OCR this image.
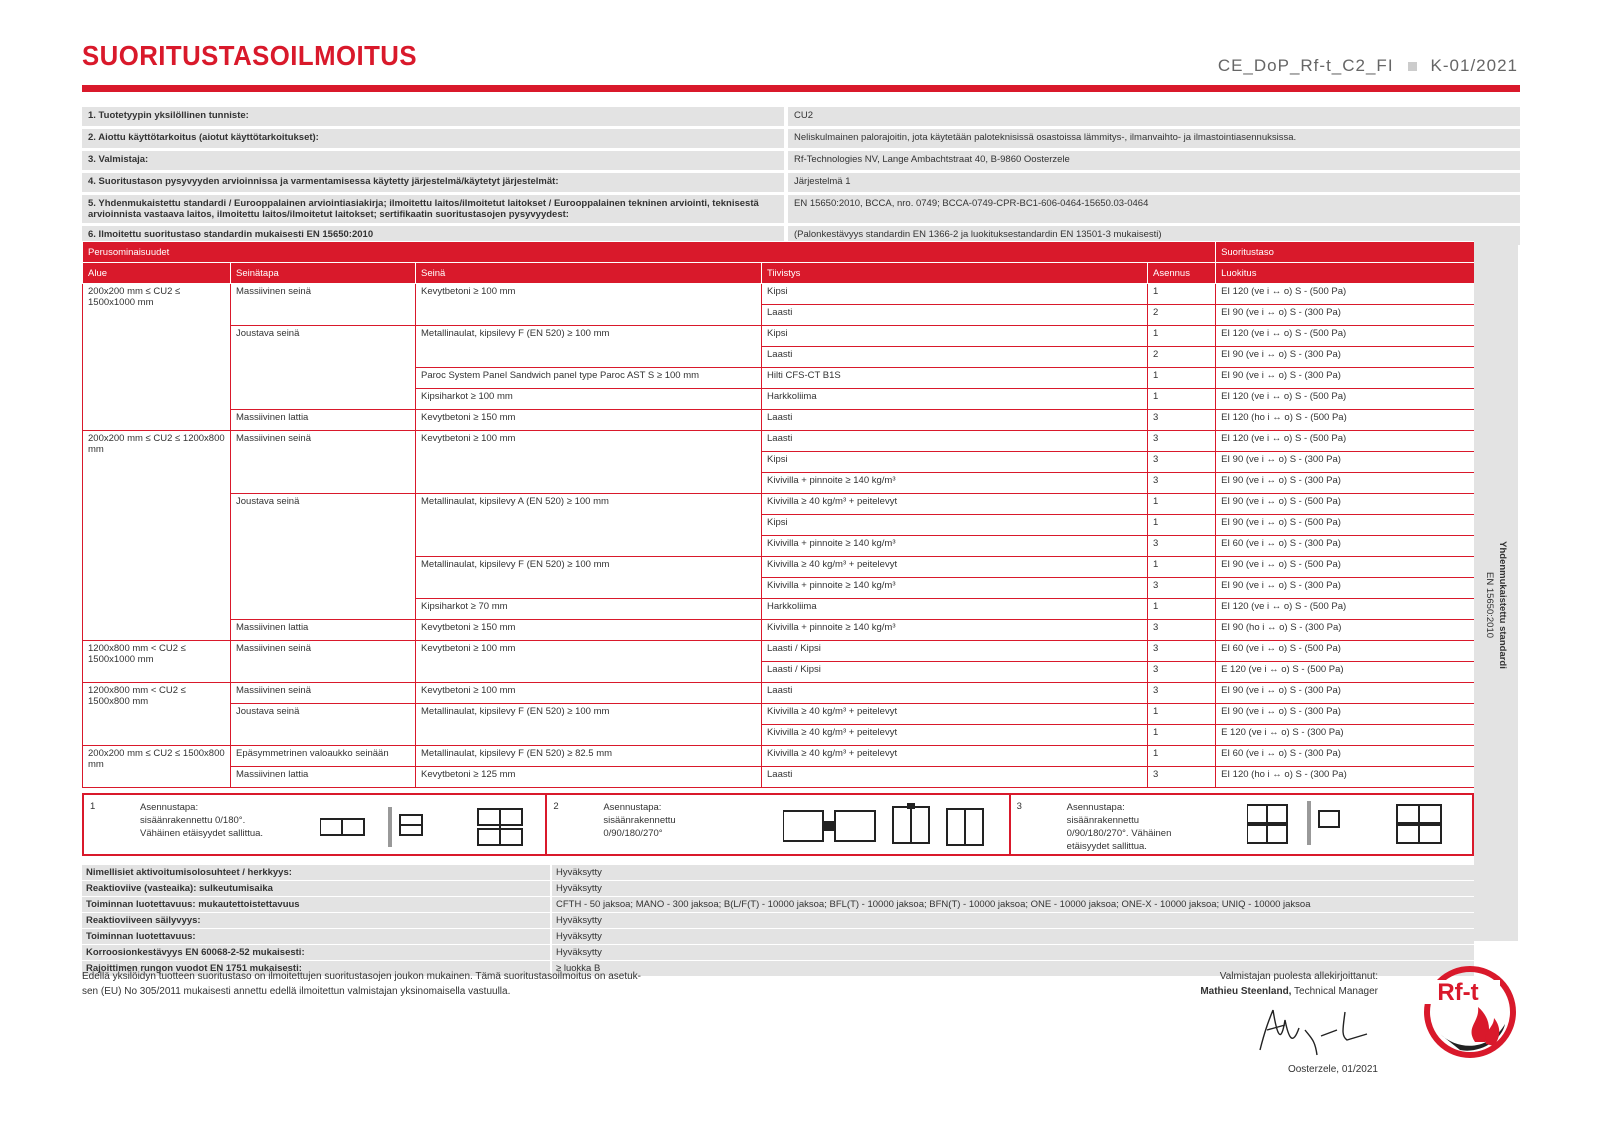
SUORITUSTASOILMOITUS	CE_DoP_Rf-t_C2_FI K-01/2021
1. Tuotetyypin yksilöllinen tunniste:		CU2
2. Aiottu käyttötarkoitus (aiotut käyttötarkoitukset):		Neliskulmainen palorajoitin, jota käytetään paloteknisissä osastoissa lämmitys-, ilmanvaihto- ja ilmastointiasennuksissa.
3. Valmistaja:		Rf-Technologies NV, Lange Ambachtstraat 40, B-9860 Oosterzele
4. Suoritustason pysyvyyden arvioinnissa ja varmentamisessa käytetty järjestelmä/käytetyt järjestelmät:		Järjestelmä 1
5. Yhdenmukaistettu standardi / Eurooppalainen arviointiasiakirja; ilmoitettu laitos/ilmoitetut laitokset / Eurooppalainen tekninen arviointi, teknisestä arvioinnista vastaava laitos, ilmoitettu laitos/ilmoitetut laitokset; sertifikaatin suoritustasojen pysyvyydest:		EN 15650:2010, BCCA, nro. 0749; BCCA-0749-CPR-BC1-606-0464-15650.03-0464
6. Ilmoitettu suoritustaso standardin mukaisesti EN 15650:2010		(Palonkestävyys standardin EN 1366-2 ja luokituksestandardin EN 13501-3 mukaisesti)
Perusominaisuudet					Suoritustaso
Alue	Seinätapa	Seinä	Tiivistys	Asennus	Luokitus
200x200 mm ≤ CU2 ≤ 1500x1000 mm	Massiivinen seinä	Kevytbetoni ≥ 100 mm	Kipsi	1	EI 120 (ve i ↔ o) S - (500 Pa)
			Laasti	2	EI 90 (ve i ↔ o) S - (300 Pa)
	Joustava seinä	Metallinaulat, kipsilevy F (EN 520) ≥ 100 mm	Kipsi	1	EI 120 (ve i ↔ o) S - (500 Pa)
			Laasti	2	EI 90 (ve i ↔ o) S - (300 Pa)
		Paroc System Panel Sandwich panel type Paroc AST S ≥ 100 mm	Hilti CFS-CT B1S	1	EI 90 (ve i ↔ o) S - (300 Pa)
		Kipsiharkot ≥ 100 mm	Harkkoliima	1	EI 120 (ve i ↔ o) S - (500 Pa)
	Massiivinen lattia	Kevytbetoni ≥ 150 mm	Laasti	3	EI 120 (ho i ↔ o) S - (500 Pa)
200x200 mm ≤ CU2 ≤ 1200x800 mm	Massiivinen seinä	Kevytbetoni ≥ 100 mm	Laasti	3	EI 120 (ve i ↔ o) S - (500 Pa)
			Kipsi	3	EI 90 (ve i ↔ o) S - (300 Pa)
			Kivivilla + pinnoite ≥ 140 kg/m³	3	EI 90 (ve i ↔ o) S - (300 Pa)
	Joustava seinä	Metallinaulat, kipsilevy A (EN 520) ≥ 100 mm	Kivivilla ≥ 40 kg/m³ + peitelevyt	1	EI 90 (ve i ↔ o) S - (500 Pa)
			Kipsi	1	EI 90 (ve i ↔ o) S - (500 Pa)
			Kivivilla + pinnoite ≥ 140 kg/m³	3	EI 60 (ve i ↔ o) S - (300 Pa)
		Metallinaulat, kipsilevy F (EN 520) ≥ 100 mm	Kivivilla ≥ 40 kg/m³ + peitelevyt	1	EI 90 (ve i ↔ o) S - (500 Pa)
			Kivivilla + pinnoite ≥ 140 kg/m³	3	EI 90 (ve i ↔ o) S - (300 Pa)
		Kipsiharkot ≥ 70 mm	Harkkoliima	1	EI 120 (ve i ↔ o) S - (500 Pa)
	Massiivinen lattia	Kevytbetoni ≥ 150 mm	Kivivilla + pinnoite ≥ 140 kg/m³	3	EI 90 (ho i ↔ o) S - (300 Pa)
1200x800 mm < CU2 ≤ 1500x1000 mm	Massiivinen seinä	Kevytbetoni ≥ 100 mm	Laasti / Kipsi	3	EI 60 (ve i ↔ o) S - (500 Pa)
			Laasti / Kipsi	3	E 120 (ve i ↔ o) S - (500 Pa)
1200x800 mm < CU2 ≤ 1500x800 mm	Massiivinen seinä	Kevytbetoni ≥ 100 mm	Laasti	3	EI 90 (ve i ↔ o) S - (300 Pa)
	Joustava seinä	Metallinaulat, kipsilevy F (EN 520) ≥ 100 mm	Kivivilla ≥ 40 kg/m³ + peitelevyt	1	EI 90 (ve i ↔ o) S - (300 Pa)
			Kivivilla ≥ 40 kg/m³ + peitelevyt	1	E 120 (ve i ↔ o) S - (300 Pa)
200x200 mm ≤ CU2 ≤ 1500x800 mm	Epäsymmetrinen valoaukko seinään	Metallinaulat, kipsilevy F (EN 520) ≥ 82.5 mm	Kivivilla ≥ 40 kg/m³ + peitelevyt	1	EI 60 (ve i ↔ o) S - (300 Pa)
	Massiivinen lattia	Kevytbetoni ≥ 125 mm	Laasti	3	EI 120 (ho i ↔ o) S - (300 Pa)
Yhdenmukaistettu standardi
EN 15650:2010
1	Asennustapa: sisäänrakennettu 0/180°. Vähäinen etäisyydet sallittua.
2	Asennustapa: sisäänrakennettu 0/90/180/270°
3	Asennustapa: sisäänrakennettu 0/90/180/270°. Vähäinen etäisyydet sallittua.
Nimellisiet aktivoitumisolosuhteet / herkkyys:		Hyväksytty
Reaktioviive (vasteaika): sulkeutumisaika		Hyväksytty
Toiminnan luotettavuus: mukautettoistettavuus		CFTH - 50 jaksoa; MANO - 300 jaksoa; B(L/F(T) - 10000 jaksoa; BFL(T) - 10000 jaksoa; BFN(T) - 10000 jaksoa; ONE - 10000 jaksoa; ONE-X - 10000 jaksoa; UNIQ - 10000 jaksoa
Reaktioviiveen säilyvyys:		Hyväksytty
Toiminnan luotettavuus:		Hyväksytty
Korroosionkestävyys EN 60068-2-52 mukaisesti:		Hyväksytty
Rajoittimen rungon vuodot EN 1751 mukaisesti:		≥ luokka B
Edellä yksilöidyn tuotteen suoritustaso on ilmoitettujen suoritustasojen joukon mukainen. Tämä suoritustasoilmoitus on asetuk-
sen (EU) No 305/2011 mukaisesti annettu edellä ilmoitettun valmistajan yksinomaisella vastuulla.
Valmistajan puolesta allekirjoittanut:
Mathieu Steenland, Technical Manager
Oosterzele, 01/2021
Rf-t
